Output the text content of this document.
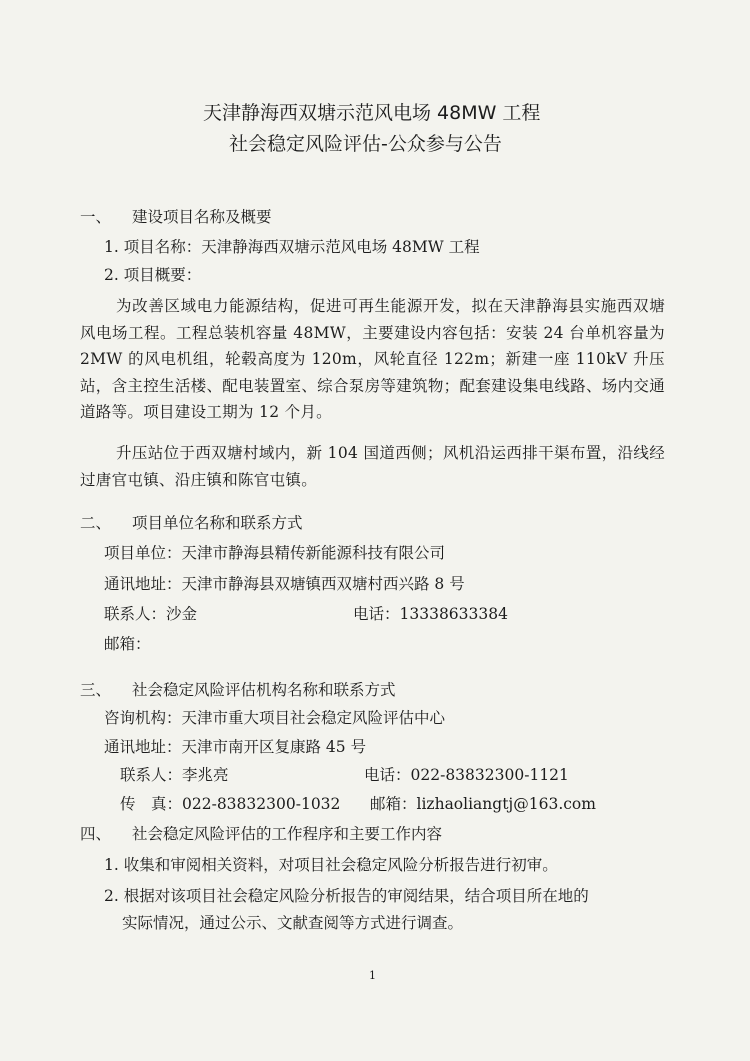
天津静海西双塘示范风电场 48MW 工程
社会稳定风险评估-公众参与公告
一、 建设项目名称及概要
1. 项目名称：天津静海西双塘示范风电场 48MW 工程
2. 项目概要：
为改善区域电力能源结构，促进可再生能源开发，拟在天津静海县实施西双塘风电场工程。工程总装机容量 48MW，主要建设内容包括：安装 24 台单机容量为 2MW 的风电机组，轮毂高度为 120m，风轮直径 122m；新建一座 110kV 升压站，含主控生活楼、配电装置室、综合泵房等建筑物；配套建设集电线路、场内交通道路等。项目建设工期为 12 个月。
升压站位于西双塘村域内，新 104 国道西侧；风机沿运西排干渠布置，沿线经过唐官屯镇、沿庄镇和陈官屯镇。
二、 项目单位名称和联系方式
项目单位：天津市静海县精传新能源科技有限公司
通讯地址：天津市静海县双塘镇西双塘村西兴路 8 号
联系人：沙金	电话：13338633384
邮箱：
三、 社会稳定风险评估机构名称和联系方式
咨询机构：天津市重大项目社会稳定风险评估中心
通讯地址：天津市南开区复康路 45 号
联系人：李兆亮	电话：022-83832300-1121
传　真：022-83832300-1032 邮箱：lizhaoliangtj@163.com
四、 社会稳定风险评估的工作程序和主要工作内容
1. 收集和审阅相关资料，对项目社会稳定风险分析报告进行初审。
2. 根据对该项目社会稳定风险分析报告的审阅结果，结合项目所在地的
实际情况，通过公示、文献查阅等方式进行调查。
1
